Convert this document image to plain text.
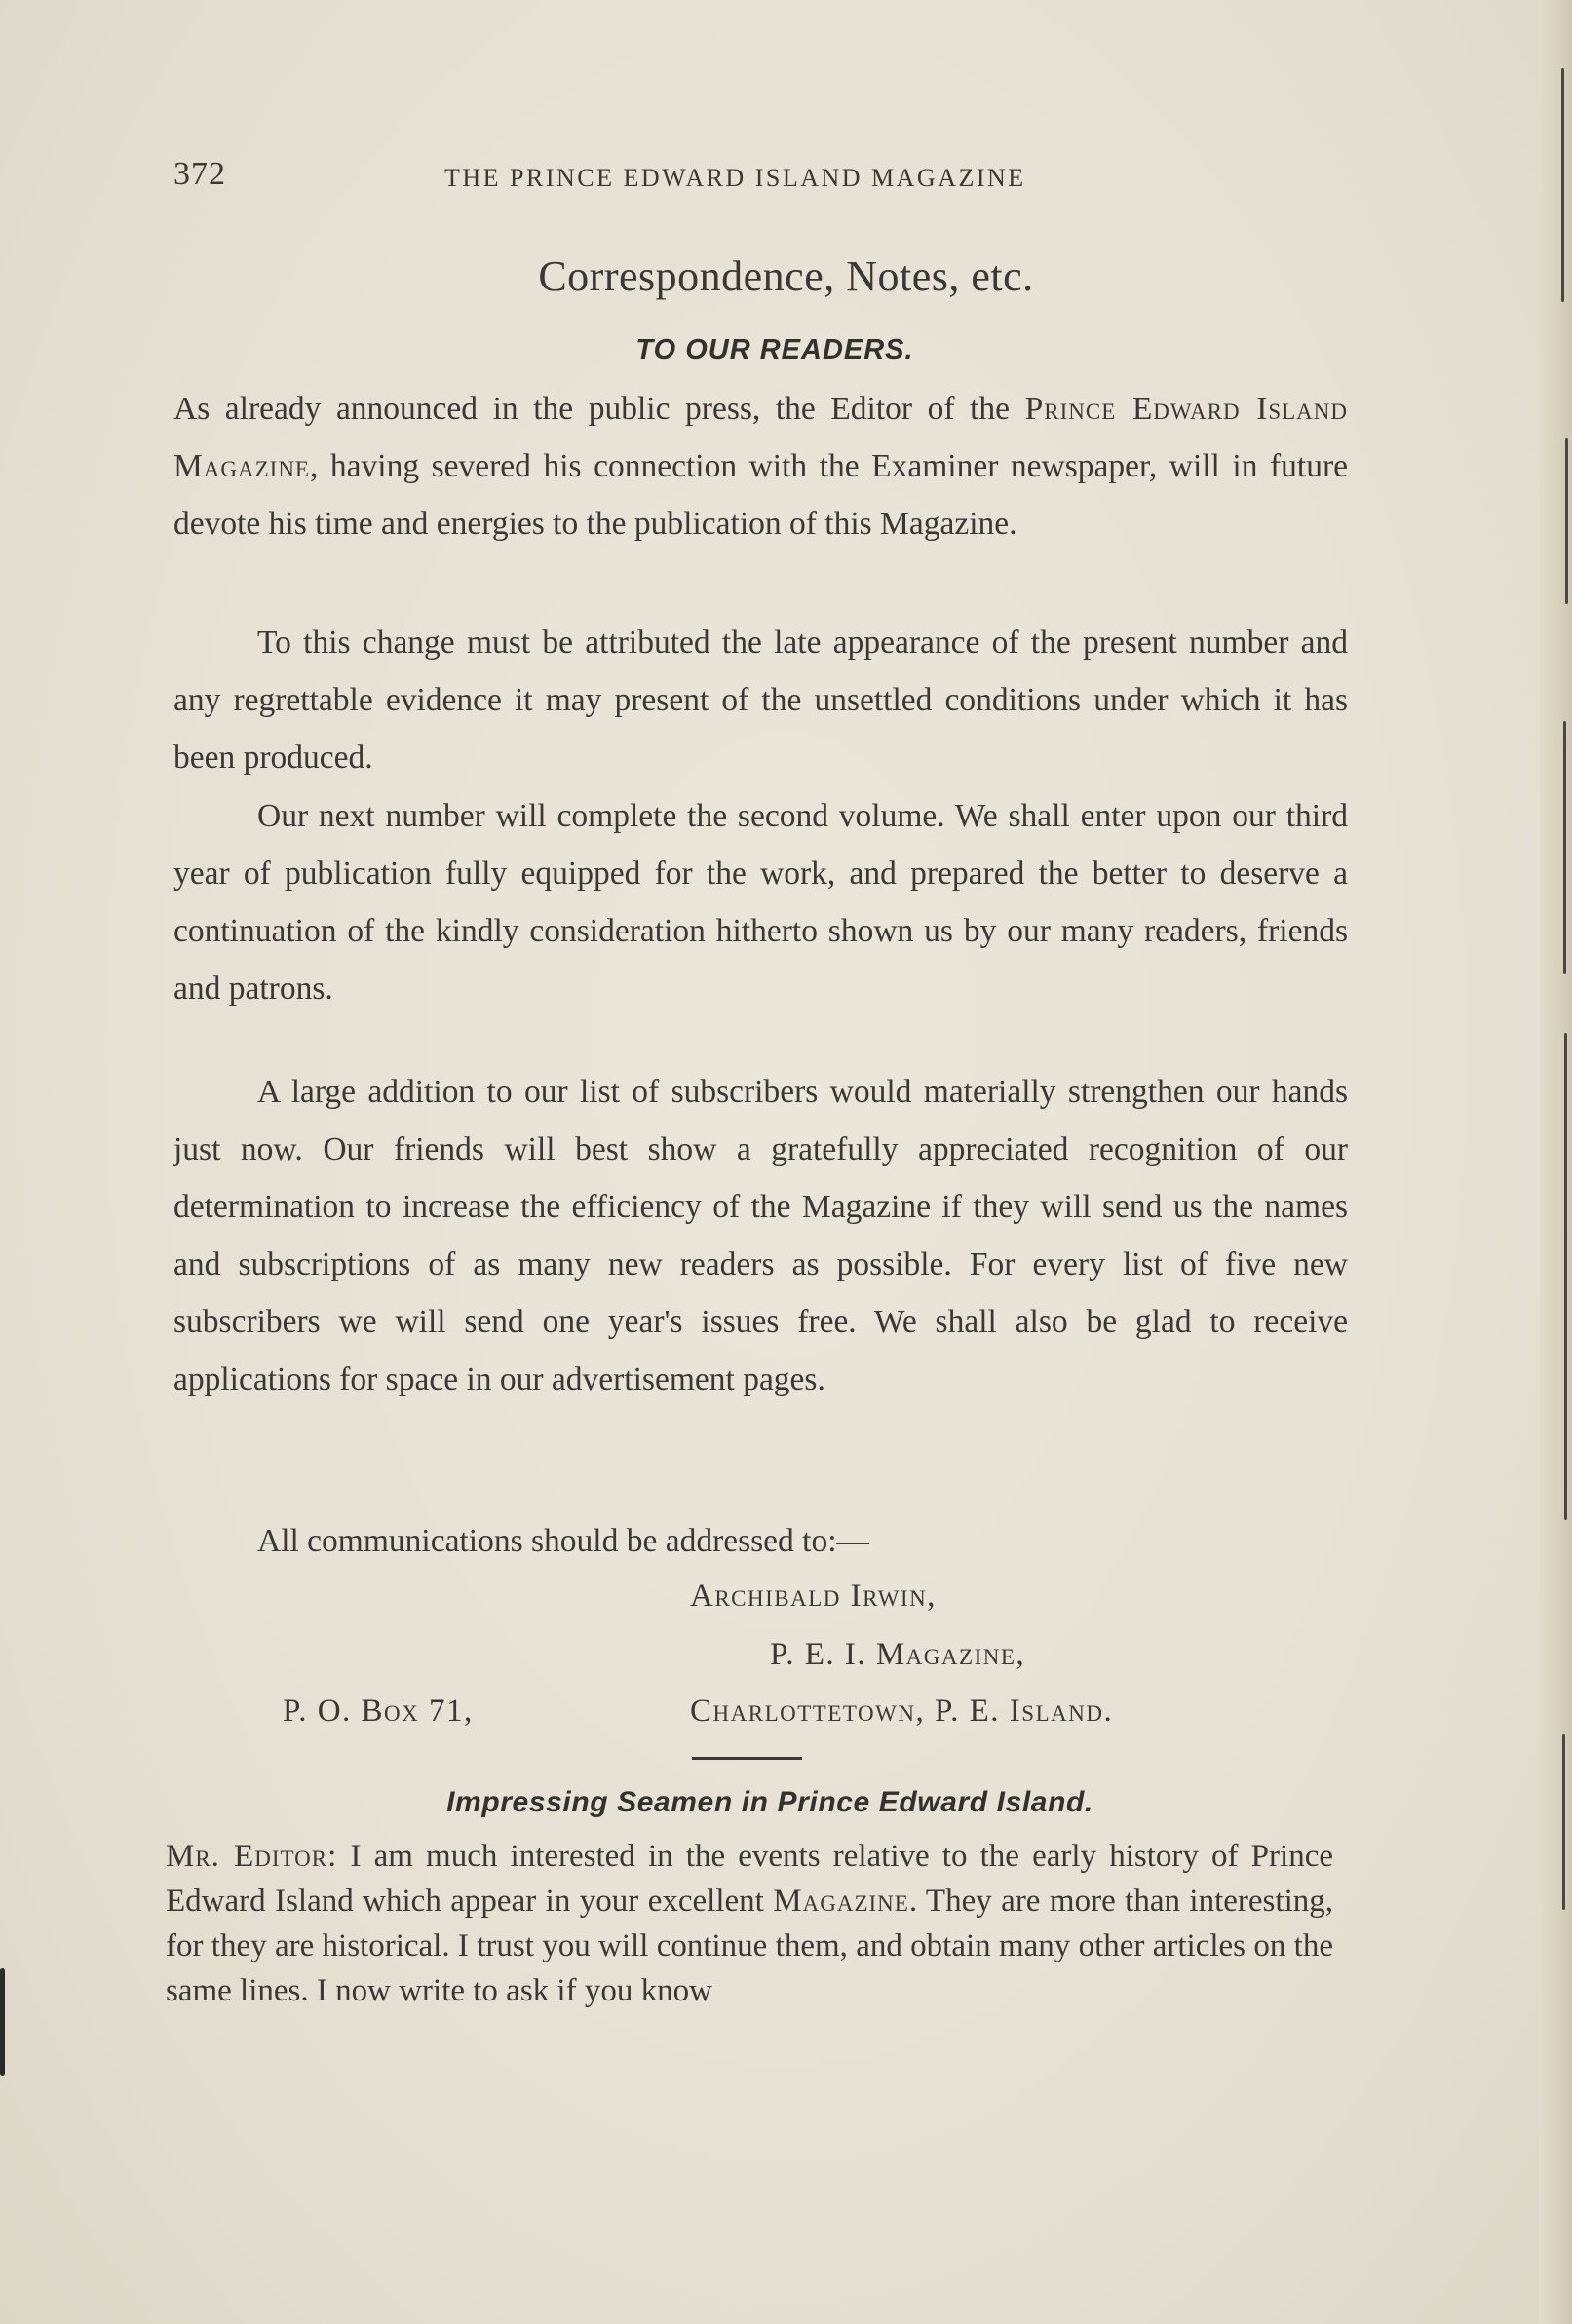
372	THE PRINCE EDWARD ISLAND MAGAZINE
Correspondence, Notes, etc.
TO OUR READERS.

As already announced in the public press, the Editor of the Prince Edward Island Magazine, having severed his connection with the Examiner newspaper, will in future devote his time and energies to the publication of this Magazine.

To this change must be attributed the late appearance of the present number and any regrettable evidence it may present of the unsettled conditions under which it has been produced.

Our next number will complete the second volume. We shall enter upon our third year of publication fully equipped for the work, and prepared the better to deserve a continuation of the kindly consideration hitherto shown us by our many readers, friends and patrons.

A large addition to our list of subscribers would materially strengthen our hands just now. Our friends will best show a gratefully appreciated recognition of our determination to increase the efficiency of the Magazine if they will send us the names and subscriptions of as many new readers as possible. For every list of five new subscribers we will send one year's issues free. We shall also be glad to receive applications for space in our advertisement pages.

All communications should be addressed to:—

Archibald Irwin,
P. E. I. Magazine,
P. O. Box 71,	Charlottetown, P. E. Island.
Impressing Seamen in Prince Edward Island.

Mr. Editor: I am much interested in the events relative to the early history of Prince Edward Island which appear in your excellent Magazine. They are more than interesting, for they are historical. I trust you will continue them, and obtain many other articles on the same lines. I now write to ask if you know
